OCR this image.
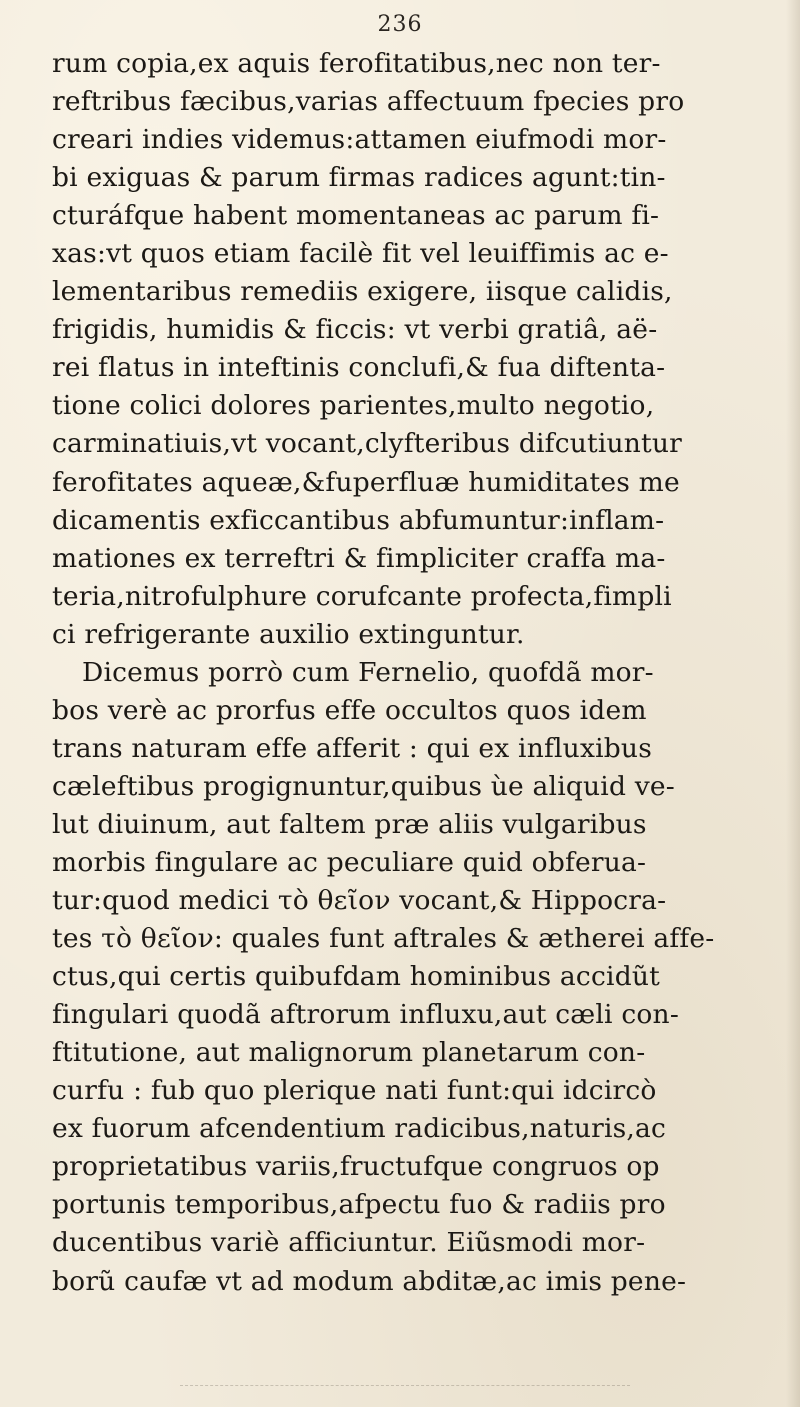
236
rum copia,ex aquis ferofitatibus,nec non ter-
reftribus fæcibus,varias affectuum fpecies pro
creari indies videmus:attamen eiufmodi mor-
bi exiguas & parum firmas radices agunt:tin-
cturáfque habent momentaneas ac parum fi-
xas:vt quos etiam facilè fit vel leuiffimis ac e-
lementaribus remediis exigere, iisque calidis,
frigidis, humidis & ficcis: vt verbi gratiâ, aë-
rei flatus in inteftinis conclufi,& fua diftenta-
tione colici dolores parientes,multo negotio,
carminatiuis,vt vocant,clyfteribus difcutiuntur
ferofitates aqueæ,&fuperfluæ humiditates me
dicamentis exficcantibus abfumuntur:inflam-
mationes ex terreftri & fimpliciter craffa ma-
teria,nitrofulphure corufcante profecta,fimpli
ci refrigerante auxilio extinguntur.
Dicemus porrò cum Fernelio, quofdã mor-
bos verè ac prorfus effe occultos quos idem
trans naturam effe afferit : qui ex influxibus
cæleftibus progignuntur,quibus ùe aliquid ve-
lut diuinum, aut faltem præ aliis vulgaribus
morbis fingulare ac peculiare quid obferua-
tur:quod medici τὸ θεῖον vocant,& Hippocra-
tes τὸ θεῖον: quales funt aftrales & ætherei affe-
ctus,qui certis quibufdam hominibus accidũt
fingulari quodã aftrorum influxu,aut cæli con-
ftitutione, aut malignorum planetarum con-
curfu : fub quo plerique nati funt:qui idcircò
ex fuorum afcendentium radicibus,naturis,ac
proprietatibus variis,fructufque congruos op
portunis temporibus,afpectu fuo & radiis pro
ducentibus variè afficiuntur. Eiũsmodi mor-
borũ caufæ vt ad modum abditæ,ac imis pene-
